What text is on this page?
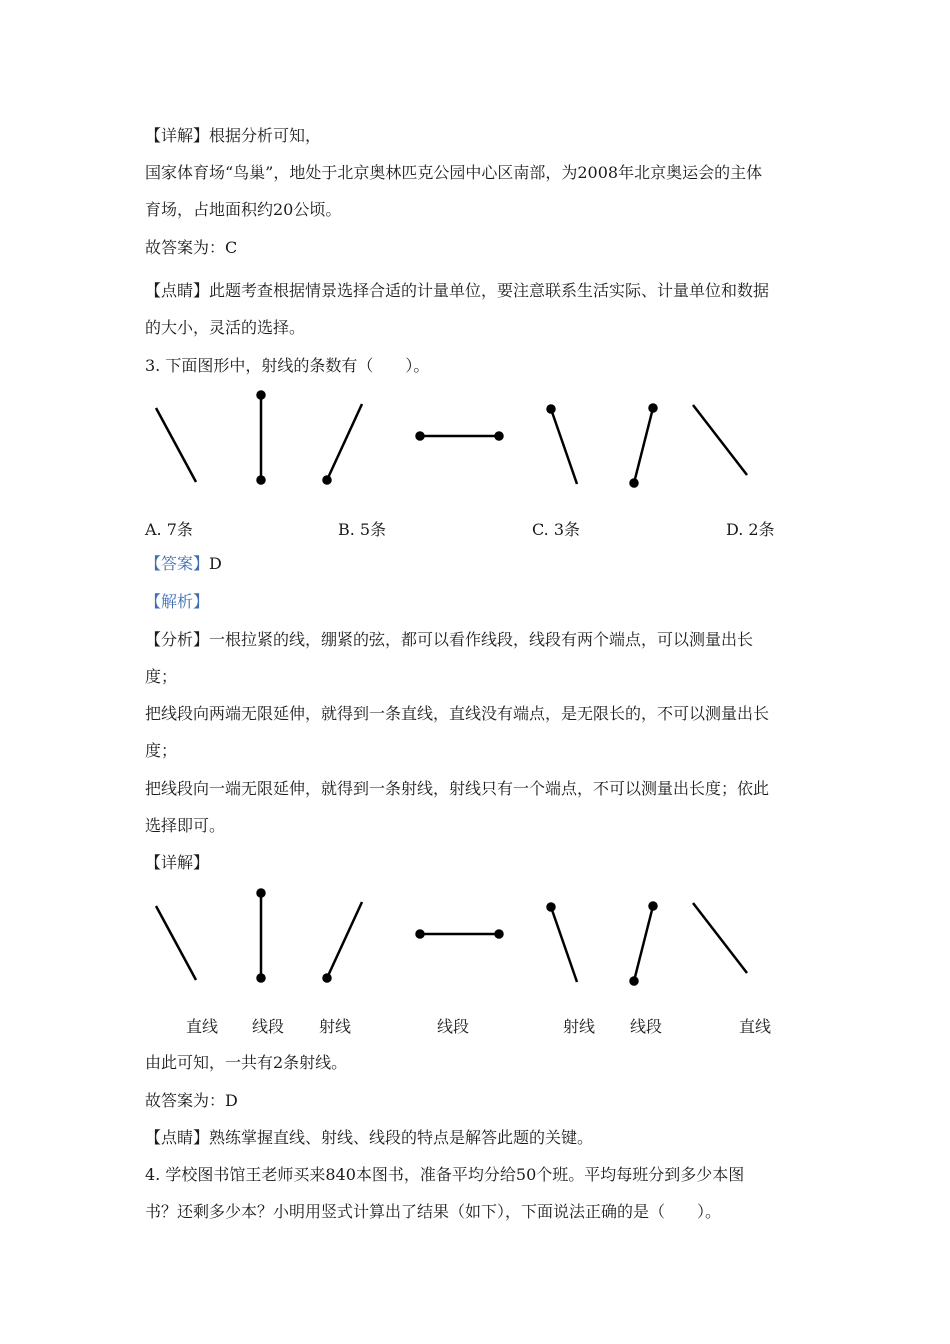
【详解】根据分析可知，
国家体育场“鸟巢”，地处于北京奥林匹克公园中心区南部，为2008年北京奥运会的主体
育场，占地面积约20公顷。
故答案为：C
【点睛】此题考查根据情景选择合适的计量单位，要注意联系生活实际、计量单位和数据
的大小，灵活的选择。
3. 下面图形中，射线的条数有（　　）。
A. 7条	B. 5条	C. 3条	D. 2条
【答案】D
【解析】
【分析】一根拉紧的线，绷紧的弦，都可以看作线段，线段有两个端点，可以测量出长
度；
把线段向两端无限延伸，就得到一条直线，直线没有端点，是无限长的，不可以测量出长
度；
把线段向一端无限延伸，就得到一条射线，射线只有一个端点，不可以测量出长度；依此
选择即可。
【详解】
直线 线段 射线	线段	射线 线段	直线
由此可知，一共有2条射线。
故答案为：D
【点睛】熟练掌握直线、射线、线段的特点是解答此题的关键。
4. 学校图书馆王老师买来840本图书，准备平均分给50个班。平均每班分到多少本图
书？还剩多少本？小明用竖式计算出了结果（如下），下面说法正确的是（　　）。
